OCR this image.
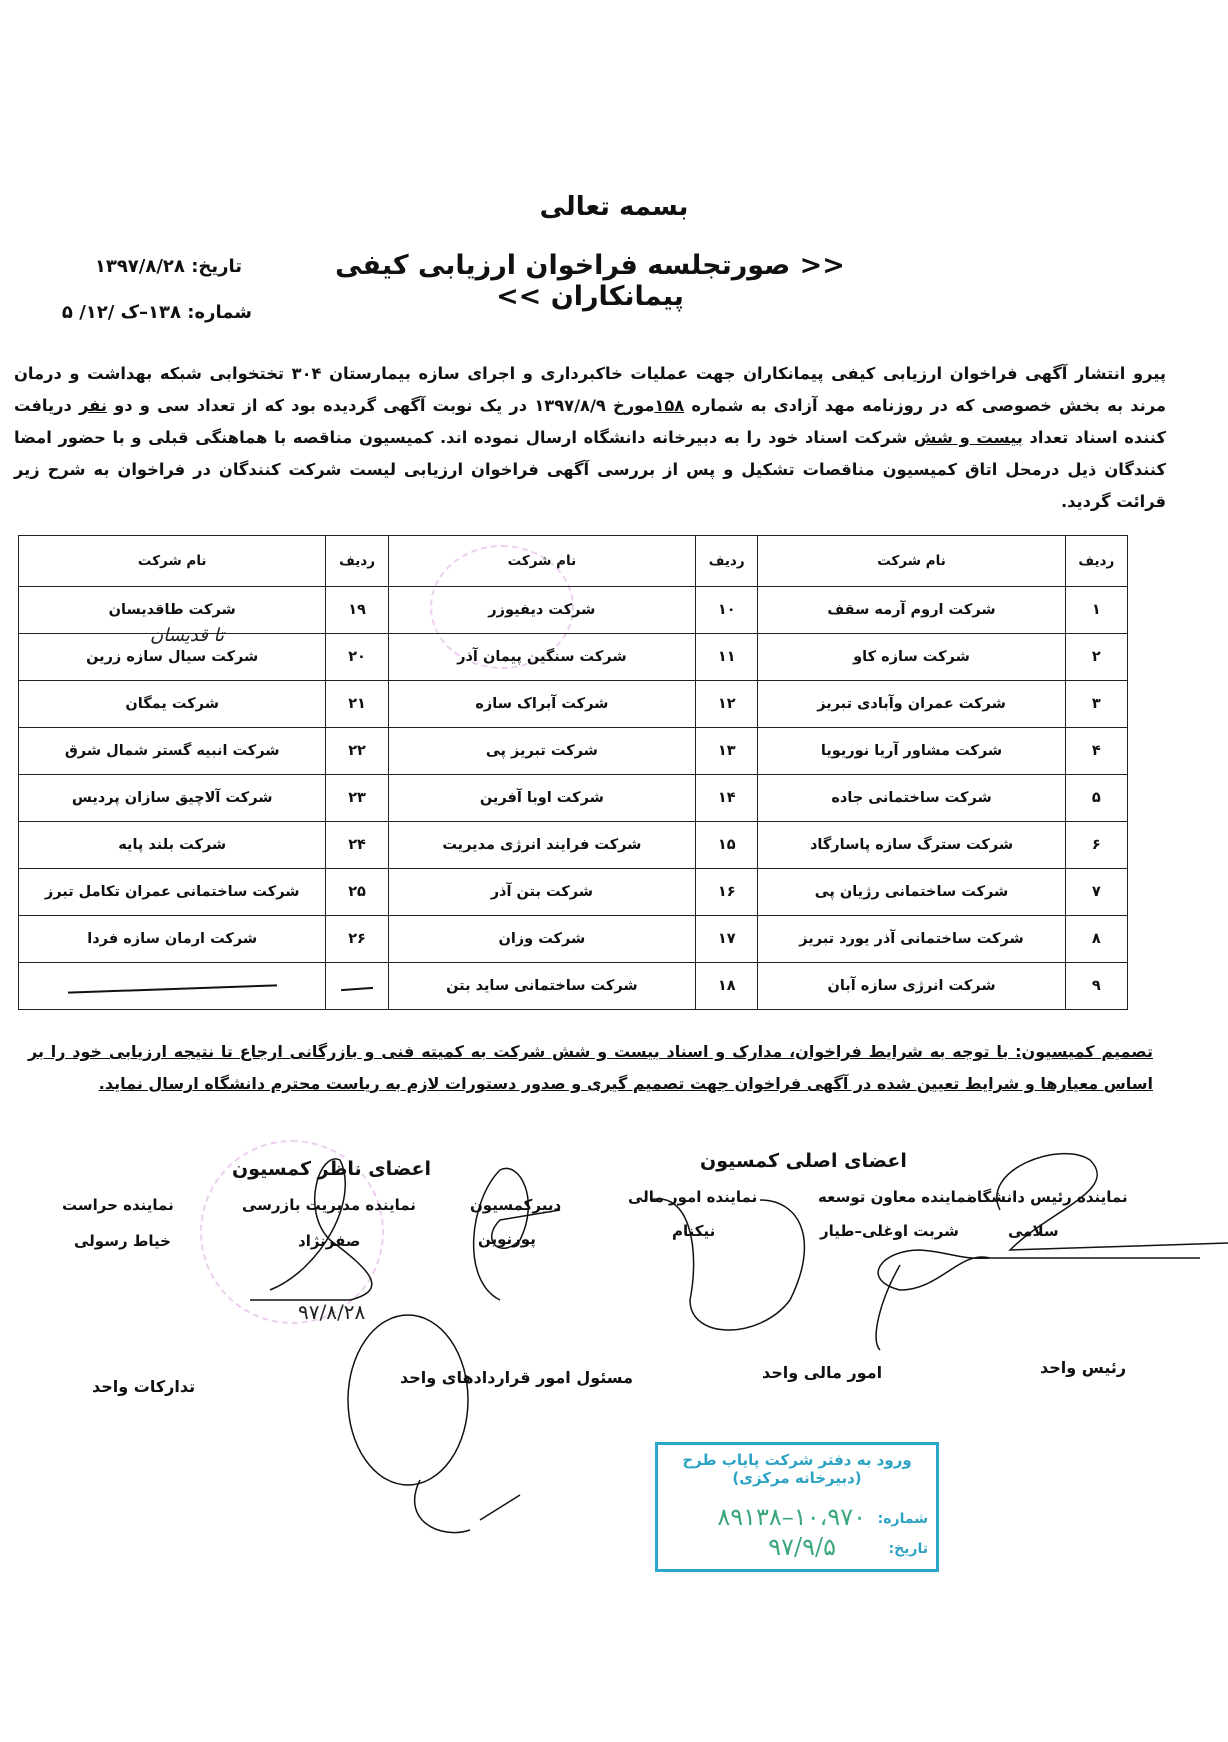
بسمه تعالی
<< صورتجلسه فراخوان ارزیابی کیفی پیمانکاران >>
تاریخ: ۱۳۹۷/۸/۲۸
شماره: ۱۳۸–ک /۱۲/ ۵
پیرو انتشار آگهی فراخوان ارزیابی کیفی پیمانکاران جهت عملیات خاکبرداری و اجرای سازه بیمارستان ۳۰۴ تختخوابی شبکه بهداشت و درمان مرند به بخش خصوصی که در روزنامه مهد آزادی به شماره ۱۵۸مورخ ۱۳۹۷/۸/۹ در یک نوبت آگهی گردیده بود که از تعداد سی و دو نفر دریافت کننده اسناد تعداد بیست و شش شرکت اسناد خود را به دبیرخانه دانشگاه ارسال نموده اند. کمیسیون مناقصه با هماهنگی قبلی و با حضور امضا کنندگان ذیل درمحل اتاق کمیسیون مناقصات تشکیل و پس از بررسی آگهی فراخوان ارزیابی لیست شرکت کنندگان در فراخوان به شرح زیر قرائت گردید.
ردیف	نام شرکت	ردیف	نام شرکت	ردیف	نام شرکت
۱	شرکت اروم آرمه سقف	۱۰	شرکت دیفیوزر	۱۹	شرکت طاقدیسان
۲	شرکت سازه کاو	۱۱	شرکت سنگین پیمان آذر	۲۰	شرکت سیال سازه زرین
۳	شرکت عمران وآبادی تبریز	۱۲	شرکت آبراک سازه	۲۱	شرکت یمگان
۴	شرکت مشاور آریا نوریویا	۱۳	شرکت تبریز پی	۲۲	شرکت انبیه گستر شمال شرق
۵	شرکت ساختمانی جاده	۱۴	شرکت اوبا آفرین	۲۳	شرکت آلاچیق سازان پردیس
۶	شرکت سترگ سازه پاسارگاد	۱۵	شرکت فرایند انرژی مدیریت	۲۴	شرکت بلند پایه
۷	شرکت ساختمانی رژیان پی	۱۶	شرکت بتن آذر	۲۵	شرکت ساختمانی عمران تکامل تبرز
۸	شرکت ساختمانی آذر یورد تبریز	۱۷	شرکت وزان	۲۶	شرکت ارمان سازه فردا
۹	شرکت انرژی سازه آبان	۱۸	شرکت ساختمانی ساید بتن		
تا قدیسان
تصمیم کمیسیون: با توجه به شرایط فراخوان، مدارک و اسناد بیست و شش شرکت به کمیته فنی و بازرگانی ارجاع تا نتیجه ارزیابی خود را بر اساس معیارها و شرایط تعیین شده در آگهی فراخوان جهت تصمیم گیری و صدور دستورات لازم به ریاست محترم دانشگاه ارسال نماید.
اعضای اصلی کمسیون
اعضای ناظر کمسیون
نماینده رئیس دانشگاه
سلامی
نماینده معاون توسعه
شربت اوغلی–طیار
نماینده امور مالی
نیکنام
دبیرکمسیون
پورنوین
نماینده مدیریت بازرسی
صفرنژاد
نماینده حراست
خیاط رسولی
۹۷/۸/۲۸
رئیس واحد
امور مالی واحد
مسئول امور قراردادهای واحد
تدارکات واحد
ورود به دفتر شرکت پایاب طرح
(دبیرخانه مرکزی)
شماره:
۱۰،۹۷۰–۸۹۱۳۸
تاریخ:
۹۷/۹/۵
